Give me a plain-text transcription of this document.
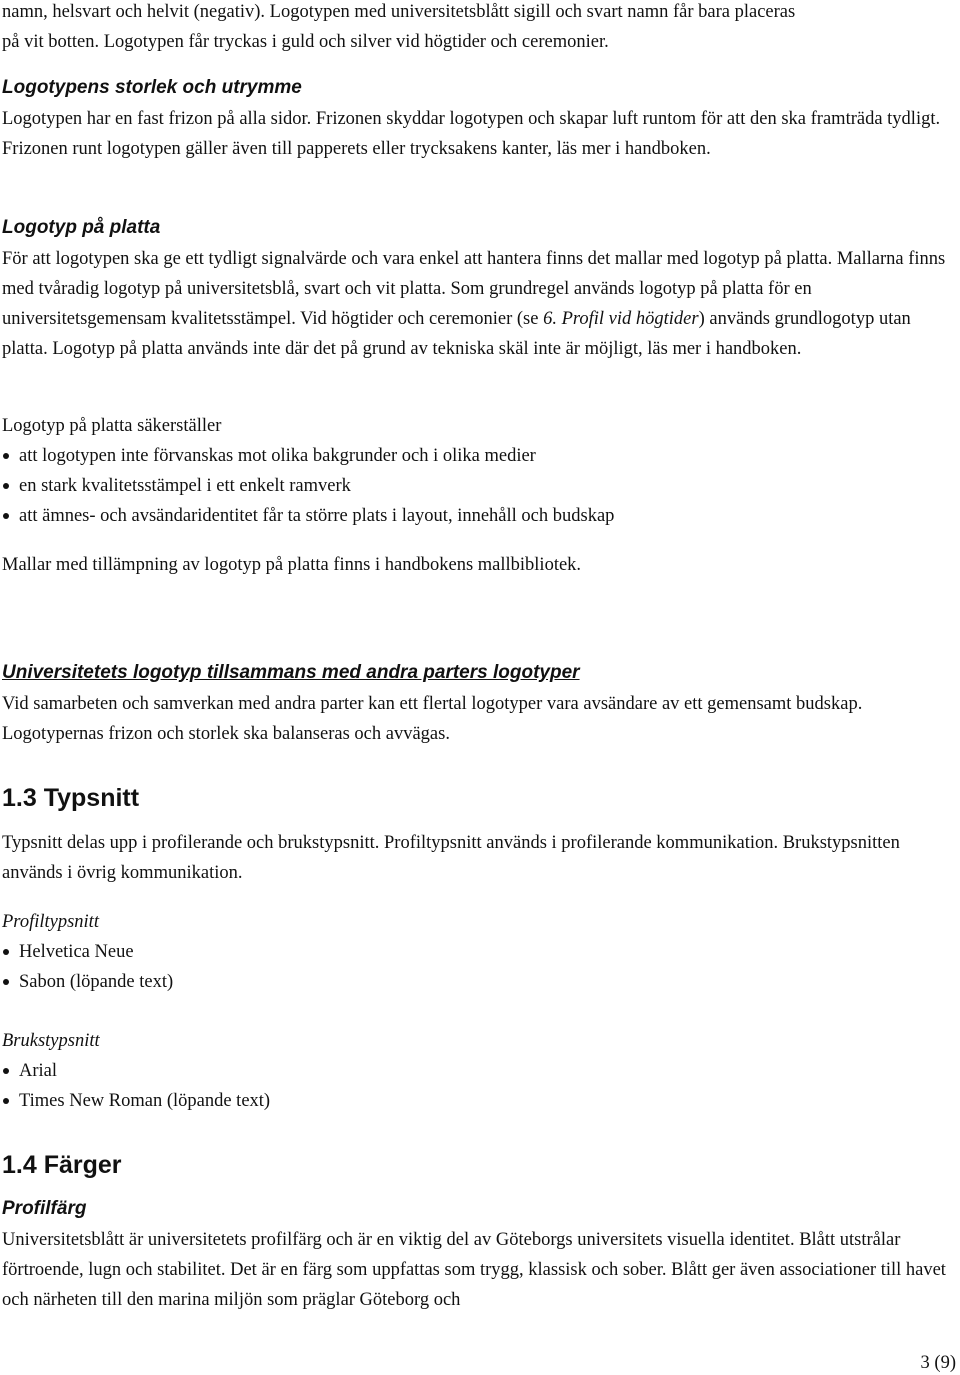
namn, helsvart och helvit (negativ). Logotypen med universitetsblått sigill och svart namn får bara placeras

på vit botten. Logotypen får tryckas i guld och silver vid högtider och ceremonier.

Logotypens storlek och utrymme

Logotypen har en fast frizon på alla sidor. Frizonen skyddar logotypen och skapar luft runtom för att den ska framträda tydligt. Frizonen runt logotypen gäller även till papperets eller trycksakens kanter, läs mer i handboken.

Logotyp på platta

För att logotypen ska ge ett tydligt signalvärde och vara enkel att hantera finns det mallar med logotyp på platta. Mallarna finns med tvåradig logotyp på universitetsblå, svart och vit platta. Som grundregel används logotyp på platta för en universitetsgemensam kvalitetsstämpel. Vid högtider och ceremonier (se 6. Profil vid högtider) används grundlogotyp utan platta. Logotyp på platta används inte där det på grund av tekniska skäl inte är möjligt, läs mer i handboken.

Logotyp på platta säkerställer

att logotypen inte förvanskas mot olika bakgrunder och i olika medier
en stark kvalitetsstämpel i ett enkelt ramverk
att ämnes- och avsändaridentitet får ta större plats i layout, innehåll och budskap

Mallar med tillämpning av logotyp på platta finns i handbokens mallbibliotek.

Universitetets logotyp tillsammans med andra parters logotyper

Vid samarbeten och samverkan med andra parter kan ett flertal logotyper vara avsändare av ett gemensamt budskap. Logotypernas frizon och storlek ska balanseras och avvägas.

1.3 Typsnitt

Typsnitt delas upp i profilerande och brukstypsnitt. Profiltypsnitt används i profilerande kommunikation. Brukstypsnitten används i övrig kommunikation.

Profiltypsnitt

Helvetica Neue
Sabon (löpande text)

Brukstypsnitt

Arial
Times New Roman (löpande text)
1.4 Färger
Profilfärg

Universitetsblått är universitetets profilfärg och är en viktig del av Göteborgs universitets visuella identitet. Blått utstrålar förtroende, lugn och stabilitet. Det är en färg som uppfattas som trygg, klassisk och sober. Blått ger även associationer till havet och närheten till den marina miljön som präglar Göteborg och

3 (9)
